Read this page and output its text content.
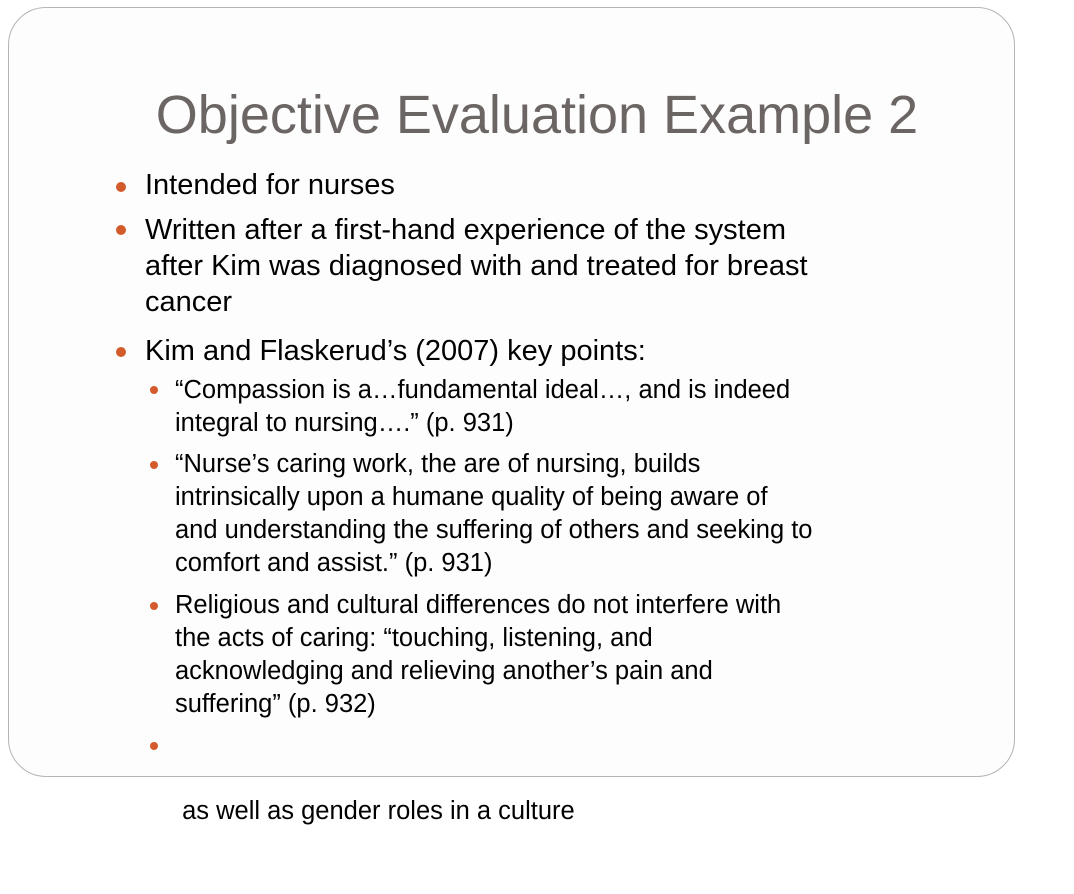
Objective Evaluation Example 2
Intended for nurses
Written after a first-hand experience of the system
after Kim was diagnosed with and treated for breast
cancer
Kim and Flaskerud’s (2007) key points:
“Compassion is a…fundamental ideal…, and is indeed
integral to nursing….” (p. 931)
“Nurse’s caring work, the are of nursing, builds
intrinsically upon a humane quality of being aware of
and understanding the suffering of others and seeking to
comfort and assist.” (p. 931)
Religious and cultural differences do not interfere with
the acts of caring: “touching, listening, and
acknowledging and relieving another’s pain and
suffering” (p. 932)

as well as gender roles in a culture
